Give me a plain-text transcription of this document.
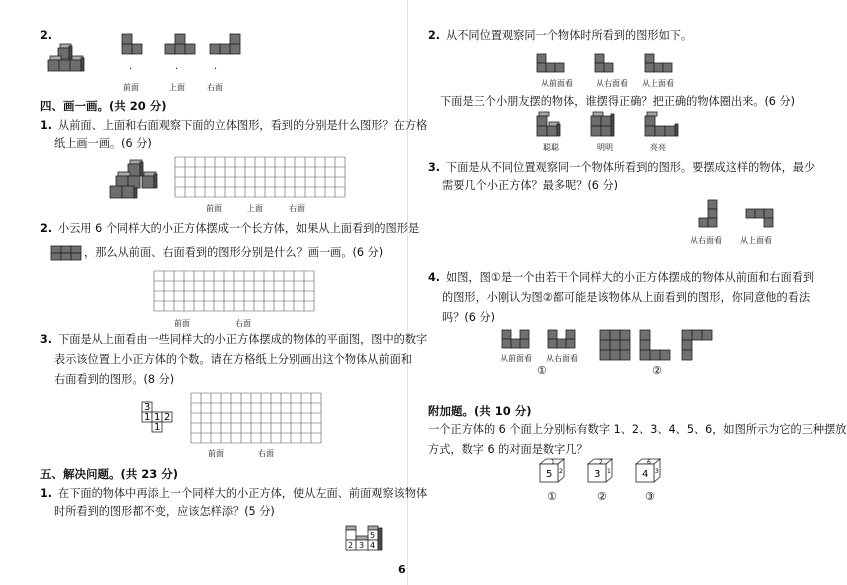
2.
·	·	·
前面	上面	右面
四、画一画。(共 20 分)
1. 从前面、上面和右面观察下面的立体图形，看到的分别是什么图形？在方格
纸上画一画。(6 分)
前面	上面	右面
2. 小云用 6 个同样大的小正方体摆成一个长方体，如果从上面看到的图形是
，那么从前面、右面看到的图形分别是什么？画一画。(6 分)
前面	右面
3. 下面是从上面看由一些同样大的小正方体摆成的物体的平面图，图中的数字
表示该位置上小正方体的个数。请在方格纸上分别画出这个物体从前面和
右面看到的图形。(8 分)
3
1 1 2
1
前面	右面
五、解决问题。(共 23 分)
1. 在下面的物体中再添上一个同样大的小正方体，使从左面、前面观察该物体
时所看到的图形都不变，应该怎样添？(5 分)
2 3 4
5
2. 从不同位置观察同一个物体时所看到的图形如下。
从前面看	从右面看 从上面看
下面是三个小朋友摆的物体，谁摆得正确？把正确的物体圈出来。(6 分)
聪聪	明明	亮亮
3. 下面是从不同位置观察同一个物体所看到的图形。要摆成这样的物体，最少
需要几个小正方体？最多呢？(6 分)
从右面看 从上面看
4. 如图，图①是一个由若干个同样大的小正方体摆成的物体从前面和右面看到
的图形，小刚认为图②都可能是该物体从上面看到的图形，你同意他的看法
吗？(6 分)
从前面看 从右面看
①	②
附加题。(共 10 分)
一个正方体的 6 个面上分别标有数字 1、2、3、4、5、6，如图所示为它的三种摆放
方式，数字 6 的对面是数字几？
5
1
2	3
2
1	4
6
3
①	②	③
6
